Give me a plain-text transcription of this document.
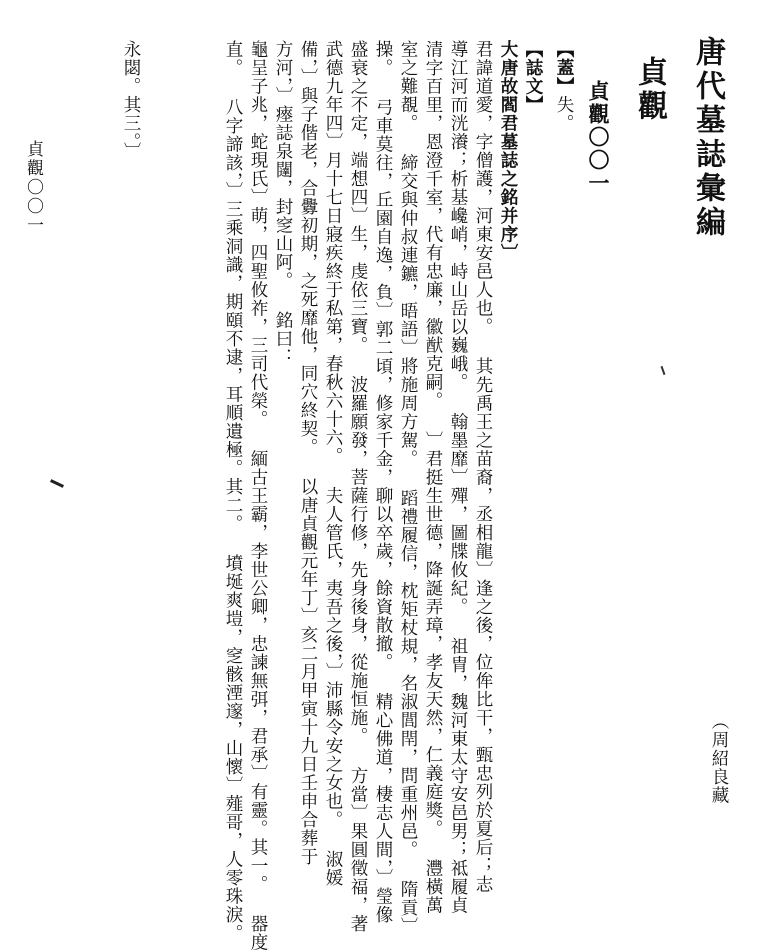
唐代墓誌彙編
貞觀
貞觀〇〇一
【蓋】失。
【誌文】
大唐故閻君墓誌之銘并序〕
君諱道愛，字僧護，河東安邑人也。 其先禹王之苗裔，丞相龍〕逢之後，位侔比干，甄忠列於夏后；志
導江河而洸瀁；析基巉峭，峙山岳以巍峨。 翰墨靡〕殫，圖牒攸紀。 祖胄，魏河東太守安邑男；祗履貞
清字百里，恩澄千室，代有忠廉，徽猷克嗣。 〕君挺生世德，降誕弄璋，孝友天然，仁義庭獎。 灃橫萬
室之難覩。 締交與仲叔連鑣，晤語〕將施周方駕。 蹈禮履信，枕矩杖規，名淑閭閈，問重州邑。 隋貢〕
操。 弓車莫往，丘園自逸，負〕郭二頃，修家千金，聊以卒歲，餘資散撤。 精心佛道，棲志人間，〕瑩像
盛衰之不定，端想四〕生，虔依三寶。 波羅願發，菩薩行修，先身後身，從施恒施。 方當〕果圓徵福，著
武德九年四〕月十七日寢疾終于私第，春秋六十六。 夫人管氏，夷吾之後，〕沛縣令安之女也。 淑媛
備，〕與子偕老，合釁初期，之死靡他，同穴終契。 以唐貞觀元年丁〕亥二月甲寅十九日壬申合葬于
方河，〕瘞誌泉闥，封窆山阿。 銘曰：
龜呈子兆，蛇現氏〕萌，四聖攸祚，三司代榮。 緬古王霸，李世公卿，忠諫無弭，君承〕有靈。其一。 器度
直。 八字諦該，〕三乘洞識，期頤不逮，耳順遺極。其二。 墳埏爽塏，窆骸湮邃，山懷〕薤哥，人零珠淚。
永閟。其三。〕
（周紹良藏
貞觀〇〇一
